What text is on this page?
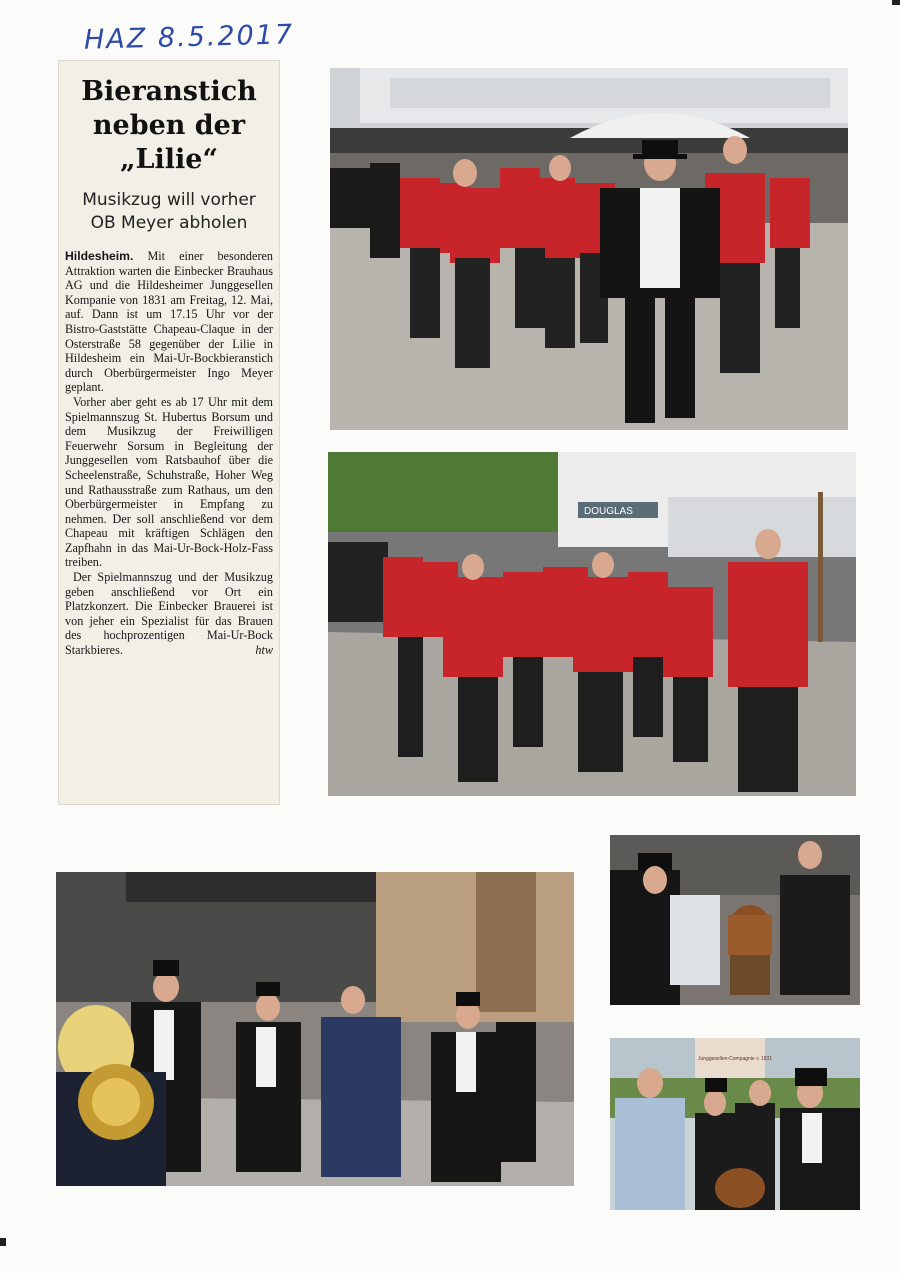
HAZ 8.5.2017
Bieranstich
neben der
„Lilie“
Musikzug will vorher
OB Meyer abholen

Hildesheim. Mit einer besonderen Attraktion warten die Einbecker Brauhaus AG und die Hildesheimer Junggesellen Kompanie von 1831 am Freitag, 12. Mai, auf. Dann ist um 17.15 Uhr vor der Bistro-Gaststätte Chapeau-Claque in der Osterstraße 58 gegenüber der Lilie in Hildesheim ein Mai-Ur-Bockbieranstich durch Oberbürgermeister Ingo Meyer geplant.

Vorher aber geht es ab 17 Uhr mit dem Spielmannszug St. Hubertus Borsum und dem Musikzug der Freiwilligen Feuerwehr Sorsum in Begleitung der Junggesellen vom Ratsbauhof über die Scheelenstraße, Schuhstraße, Hoher Weg und Rathausstraße zum Rathaus, um den Oberbürgermeister in Empfang zu nehmen. Der soll anschließend vor dem Chapeau mit kräftigen Schlägen den Zapfhahn in das Mai-Ur-Bock-Holz-Fass treiben.

Der Spielmannszug und der Musikzug geben anschließend vor Ort ein Platzkonzert. Die Einbecker Brauerei ist von jeher ein Spezialist für das Brauen des hochprozentigen Mai-Ur-Bock Starkbieres.	htw

DOUGLAS
Junggesellen-Compagnie v. 1831
